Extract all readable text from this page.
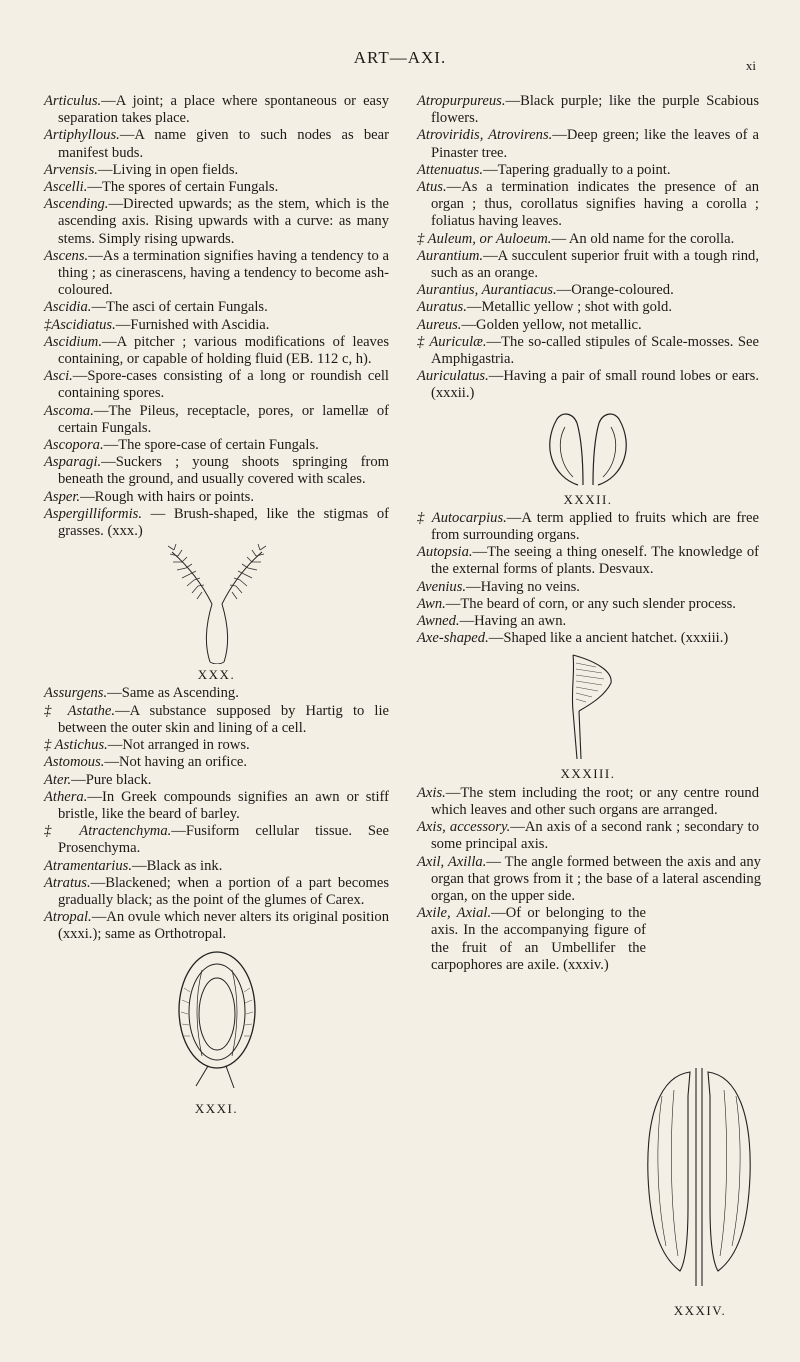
ART—AXI.	xi
Articulus.—A joint; a place where spontaneous or easy separation takes place.
Artiphyllous.—A name given to such nodes as bear manifest buds.
Arvensis.—Living in open fields.
Ascelli.—The spores of certain Fungals.
Ascending.—Directed upwards; as the stem, which is the ascending axis. Rising upwards with a curve: as many stems. Simply rising upwards.
Ascens.—As a termination signifies having a tendency to a thing ; as cinerascens, having a tendency to become ash-coloured.
Ascidia.—The asci of certain Fungals.
‡Ascidiatus.—Furnished with Ascidia.
Ascidium.—A pitcher ; various modifications of leaves containing, or capable of holding fluid (EB. 112 c, h).
Asci.—Spore-cases consisting of a long or roundish cell containing spores.
Ascoma.—The Pileus, receptacle, pores, or lamellæ of certain Fungals.
Ascopora.—The spore-case of certain Fungals.
Asparagi.—Suckers ; young shoots springing from beneath the ground, and usually covered with scales.
Asper.—Rough with hairs or points.
Aspergilliformis. — Brush-shaped, like the stigmas of grasses. (xxx.)
XXX.
Assurgens.—Same as Ascending.
‡ Astathe.—A substance supposed by Hartig to lie between the outer skin and lining of a cell.
‡ Astichus.—Not arranged in rows.
Astomous.—Not having an orifice.
Ater.—Pure black.
Athera.—In Greek compounds signifies an awn or stiff bristle, like the beard of barley.
‡ Atractenchyma.—Fusiform cellular tissue. See Prosenchyma.
Atramentarius.—Black as ink.
Atratus.—Blackened; when a portion of a part becomes gradually black; as the point of the glumes of Carex.
Atropal.—An ovule which never alters its original position (xxxi.); same as Orthotropal.
XXXI.
Atropurpureus.—Black purple; like the purple Scabious flowers.
Atroviridis, Atrovirens.—Deep green; like the leaves of a Pinaster tree.
Attenuatus.—Tapering gradually to a point.
Atus.—As a termination indicates the presence of an organ ; thus, corollatus signifies having a corolla ; foliatus having leaves.
‡ Auleum, or Auloeum.— An old name for the corolla.
Aurantium.—A succulent superior fruit with a tough rind, such as an orange.
Aurantius, Aurantiacus.—Orange-coloured.
Auratus.—Metallic yellow ; shot with gold.
Aureus.—Golden yellow, not metallic.
‡ Auriculæ.—The so-called stipules of Scale-mosses. See Amphigastria.
Auriculatus.—Having a pair of small round lobes or ears. (xxxii.)
XXXII.
‡ Autocarpius.—A term applied to fruits which are free from surrounding organs.
Autopsia.—The seeing a thing oneself. The knowledge of the external forms of plants. Desvaux.
Avenius.—Having no veins.
Awn.—The beard of corn, or any such slender process.
Awned.—Having an awn.
Axe-shaped.—Shaped like a ancient hatchet. (xxxiii.)
XXXIII.
Axis.—The stem including the root; or any centre round which leaves and other such organs are arranged.
Axis, accessory.—An axis of a second rank ; secondary to some principal axis.
Axil, Axilla.— The angle formed between the axis and any organ that grows from it ; the base of a lateral ascending organ, on the upper side.
Axile, Axial.—Of or belonging to the axis. In the accompanying figure of the fruit of an Umbellifer the carpophores are axile. (xxxiv.)
XXXIV.
